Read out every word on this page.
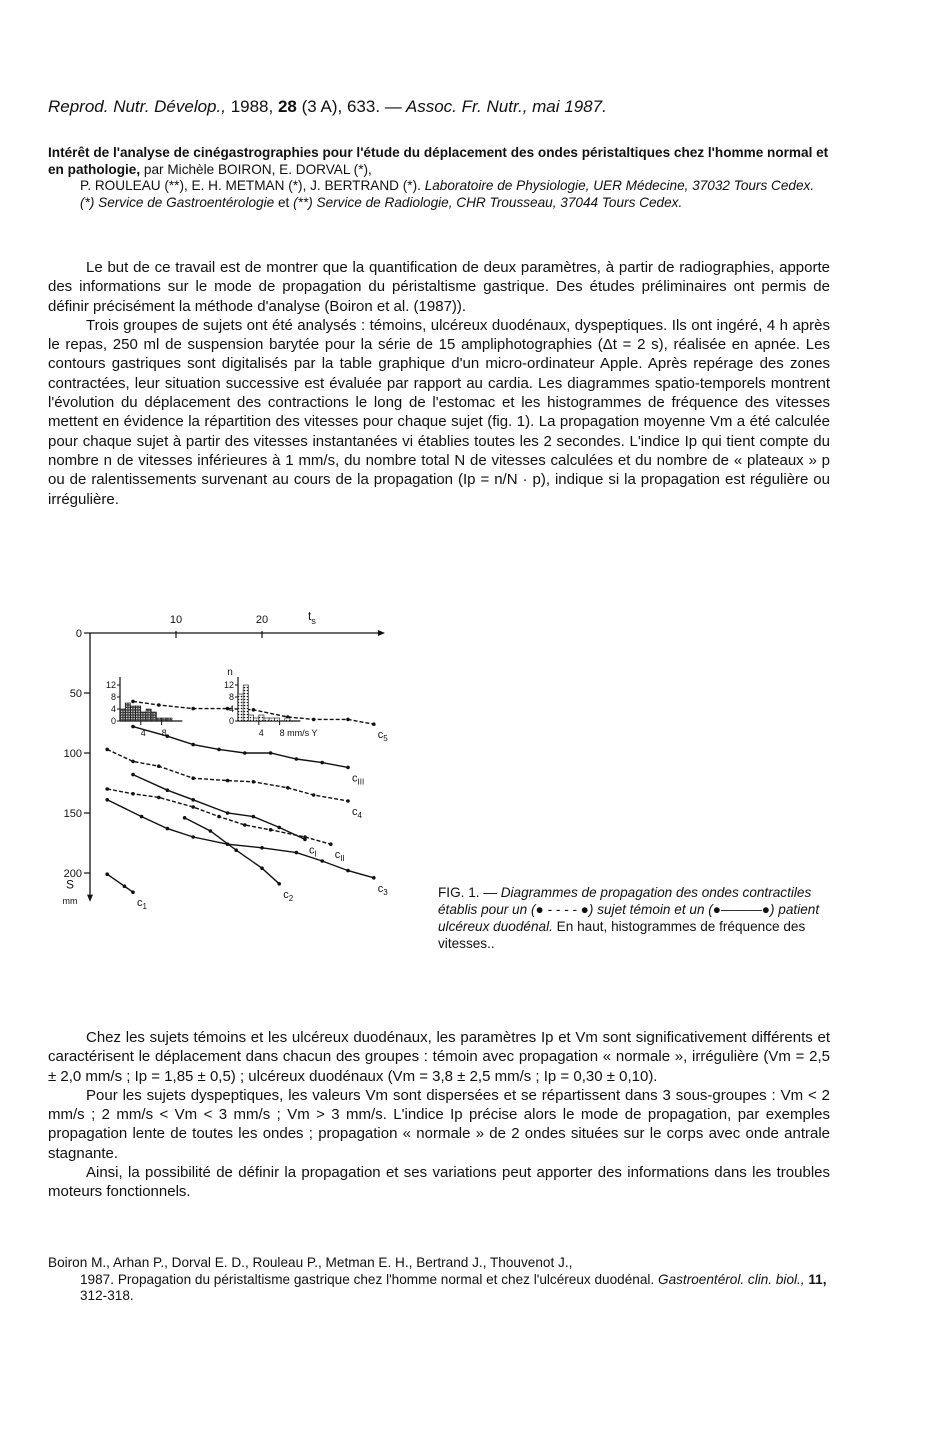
Reprod. Nutr. Dévelop., 1988, 28 (3 A), 633. — Assoc. Fr. Nutr., mai 1987.
Intérêt de l'analyse de cinégastrographies pour l'étude du déplacement des ondes péristaltiques chez l'homme normal et en pathologie, par Michèle BOIRON, E. DORVAL (*),
P. ROULEAU (**), E. H. METMAN (*), J. BERTRAND (*). Laboratoire de Physiologie, UER Médecine, 37032 Tours Cedex. (*) Service de Gastroentérologie et (**) Service de Radiologie, CHR Trousseau, 37044 Tours Cedex.

Le but de ce travail est de montrer que la quantification de deux paramètres, à partir de radiographies, apporte des informations sur le mode de propagation du péristaltisme gastrique. Des études préliminaires ont permis de définir précisément la méthode d'analyse (Boiron et al. (1987)).

Trois groupes de sujets ont été analysés : témoins, ulcéreux duodénaux, dyspeptiques. Ils ont ingéré, 4 h après le repas, 250 ml de suspension barytée pour la série de 15 ampliphotographies (Δt = 2 s), réalisée en apnée. Les contours gastriques sont digitalisés par la table graphique d'un micro-ordinateur Apple. Après repérage des zones contractées, leur situation successive est évaluée par rapport au cardia. Les diagrammes spatio-temporels montrent l'évolution du déplacement des contractions le long de l'estomac et les histogrammes de fréquence des vitesses mettent en évidence la répartition des vitesses pour chaque sujet (fig. 1). La propagation moyenne Vm a été calculée pour chaque sujet à partir des vitesses instantanées vi établies toutes les 2 secondes. L'indice Ip qui tient compte du nombre n de vitesses inférieures à 1 mm/s, du nombre total N de vitesses calculées et du nombre de « plateaux » p ou de ralentissements survenant au cours de la propagation (Ip = n/N · p), indique si la propagation est régulière ou irrégulière.

10	20	$t_s$
0
50
100
150
200
S
mm
$c_5$
$c_{III}$
$c_4$
$c_{II}$
$c_3$
$c_I$
$c_2$
$c_1$
0
4
8
12
4 8
0
4
8
12
4 8 mm/s Y
n
FIG. 1. — Diagrammes de propagation des ondes contractiles établis pour un (● - - - - ●) sujet témoin et un (●———●) patient ulcéreux duodénal. En haut, histogrammes de fréquence des vitesses..

Chez les sujets témoins et les ulcéreux duodénaux, les paramètres Ip et Vm sont significativement différents et caractérisent le déplacement dans chacun des groupes : témoin avec propagation « normale », irrégulière (Vm = 2,5 ± 2,0 mm/s ; Ip = 1,85 ± 0,5) ; ulcéreux duodénaux (Vm = 3,8 ± 2,5 mm/s ; Ip = 0,30 ± 0,10).

Pour les sujets dyspeptiques, les valeurs Vm sont dispersées et se répartissent dans 3 sous-groupes : Vm < 2 mm/s ; 2 mm/s < Vm < 3 mm/s ; Vm > 3 mm/s. L'indice Ip précise alors le mode de propagation, par exemples propagation lente de toutes les ondes ; propagation « normale » de 2 ondes situées sur le corps avec onde antrale stagnante.

Ainsi, la possibilité de définir la propagation et ses variations peut apporter des informations dans les troubles moteurs fonctionnels.

Boiron M., Arhan P., Dorval E. D., Rouleau P., Metman E. H., Bertrand J., Thouvenot J.,
1987. Propagation du péristaltisme gastrique chez l'homme normal et chez l'ulcéreux duodénal. Gastroentérol. clin. biol., 11, 312-318.
